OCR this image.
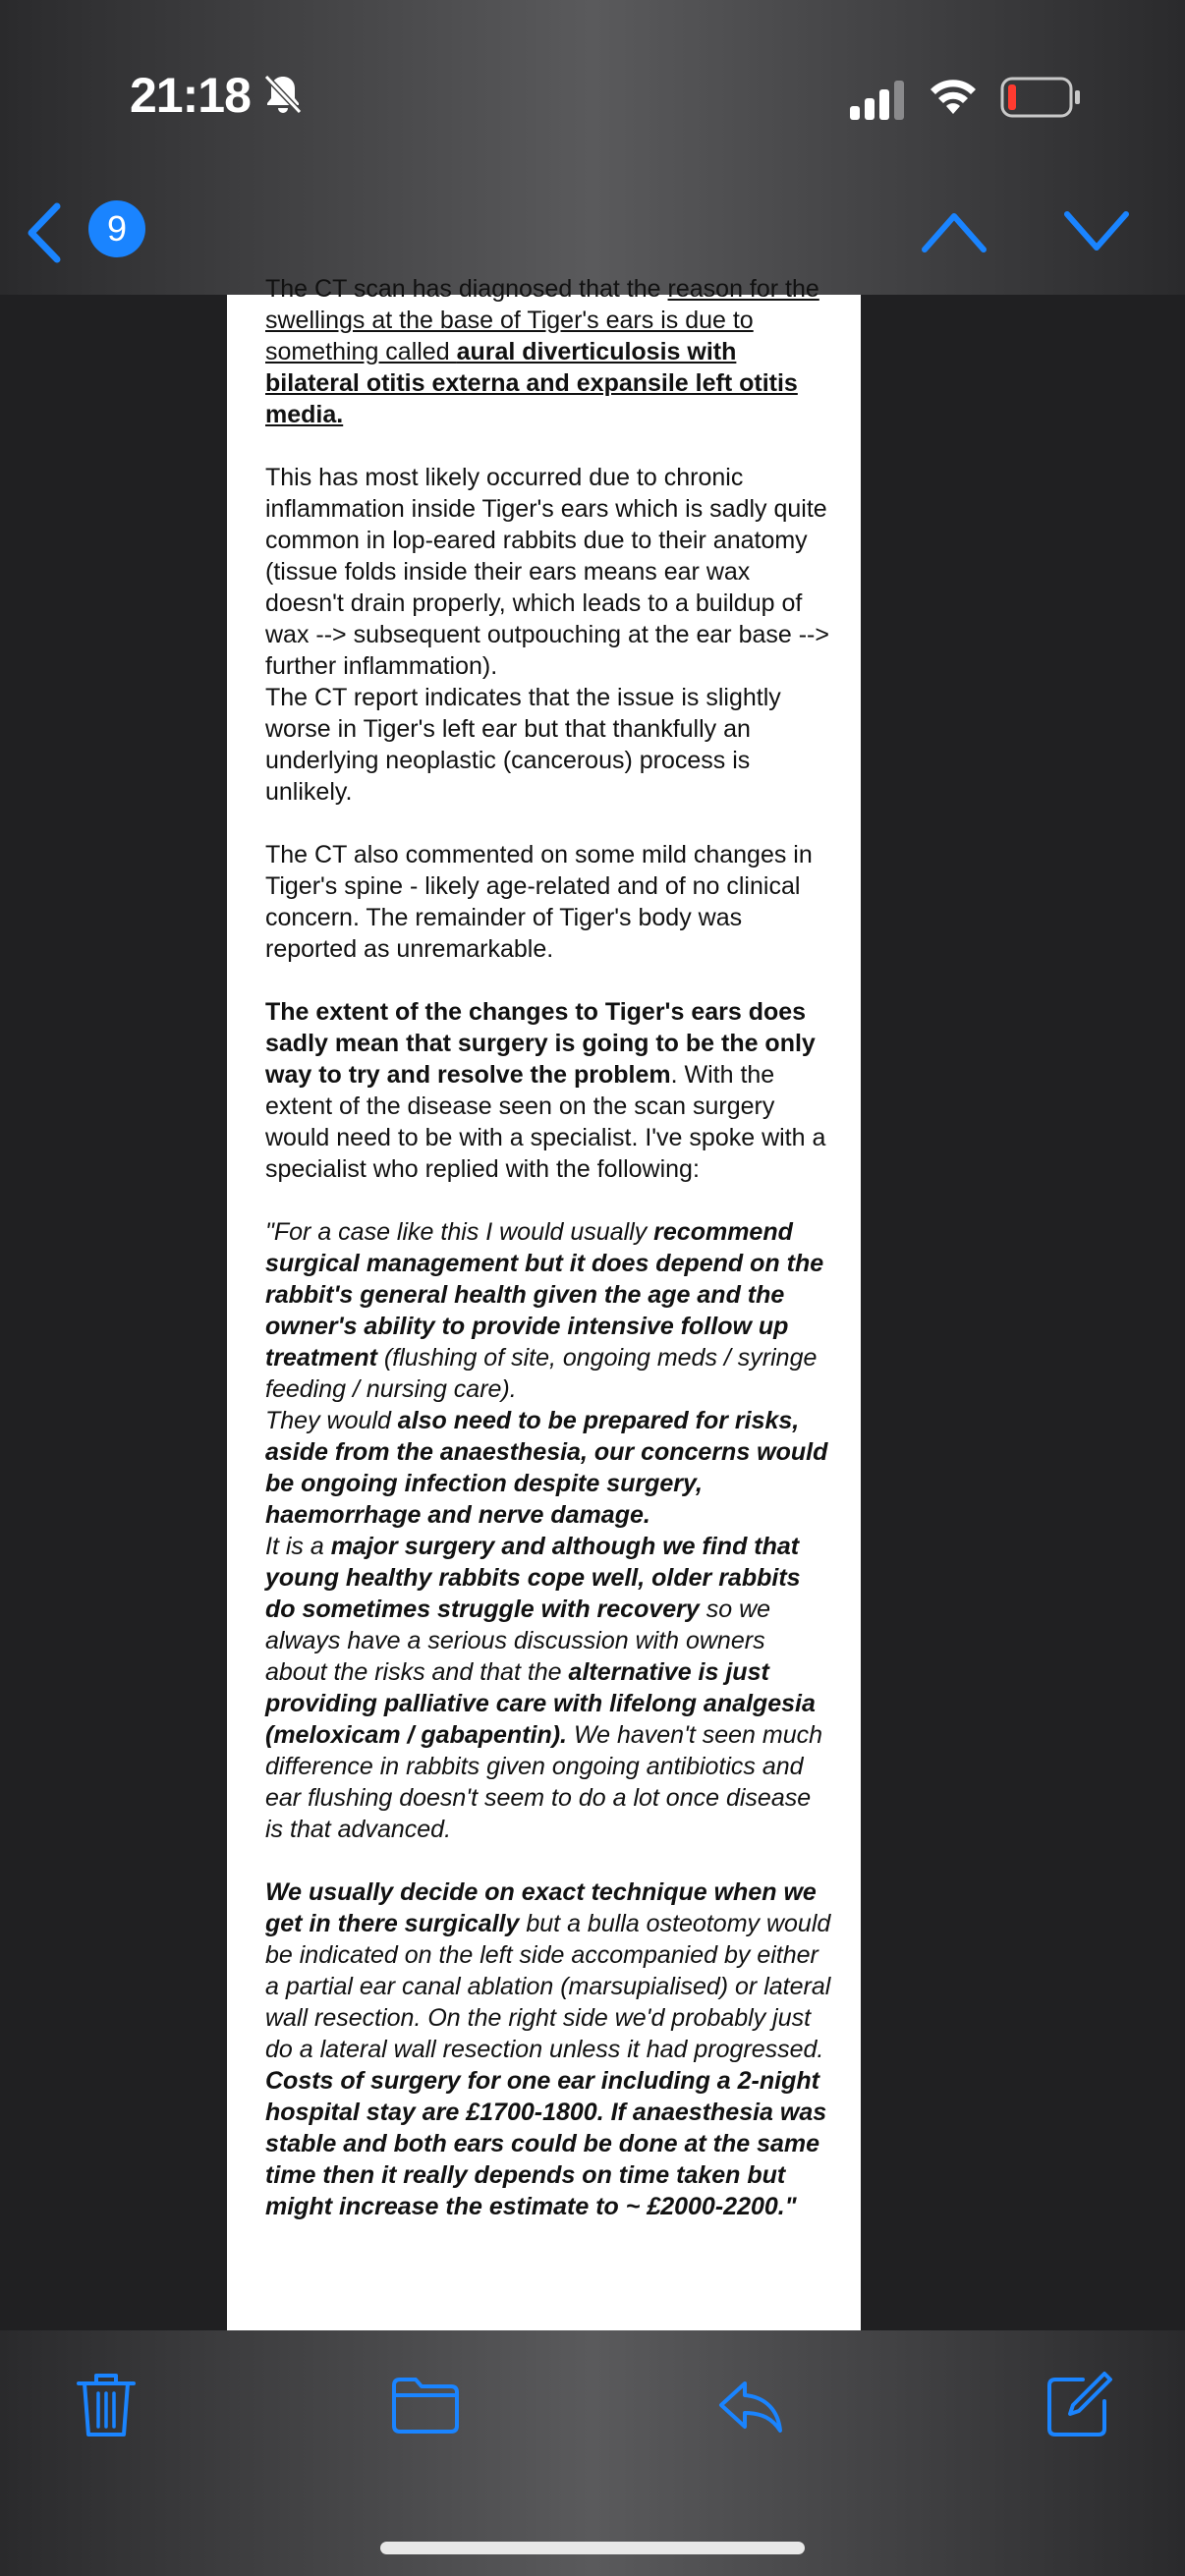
21:18
9

The CT scan has diagnosed that the reason for the swellings at the base of Tiger's ears is due to something called aural diverticulosis with bilateral otitis externa and expansile left otitis media.

This has most likely occurred due to chronic inflammation inside Tiger's ears which is sadly quite common in lop-eared rabbits due to their anatomy (tissue folds inside their ears means ear wax doesn't drain properly, which leads to a buildup of wax --> subsequent outpouching at the ear base --> further inflammation).

The CT report indicates that the issue is slightly worse in Tiger's left ear but that thankfully an underlying neoplastic (cancerous) process is unlikely.

The CT also commented on some mild changes in Tiger's spine - likely age-related and of no clinical concern. The remainder of Tiger's body was reported as unremarkable.

The extent of the changes to Tiger's ears does sadly mean that surgery is going to be the only way to try and resolve the problem. With the extent of the disease seen on the scan surgery would need to be with a specialist. I've spoke with a specialist who replied with the following:

"For a case like this I would usually recommend surgical management but it does depend on the rabbit's general health given the age and the owner's ability to provide intensive follow up treatment (flushing of site, ongoing meds / syringe feeding / nursing care).

They would also need to be prepared for risks, aside from the anaesthesia, our concerns would be ongoing infection despite surgery, haemorrhage and nerve damage.

It is a major surgery and although we find that young healthy rabbits cope well, older rabbits do sometimes struggle with recovery so we always have a serious discussion with owners about the risks and that the alternative is just providing palliative care with lifelong analgesia (meloxicam / gabapentin). We haven't seen much difference in rabbits given ongoing antibiotics and ear flushing doesn't seem to do a lot once disease is that advanced.

We usually decide on exact technique when we get in there surgically but a bulla osteotomy would be indicated on the left side accompanied by either a partial ear canal ablation (marsupialised) or lateral wall resection. On the right side we'd probably just do a lateral wall resection unless it had progressed. Costs of surgery for one ear including a 2-night hospital stay are £1700-1800. If anaesthesia was stable and both ears could be done at the same time then it really depends on time taken but might increase the estimate to ~ £2000-2200."
